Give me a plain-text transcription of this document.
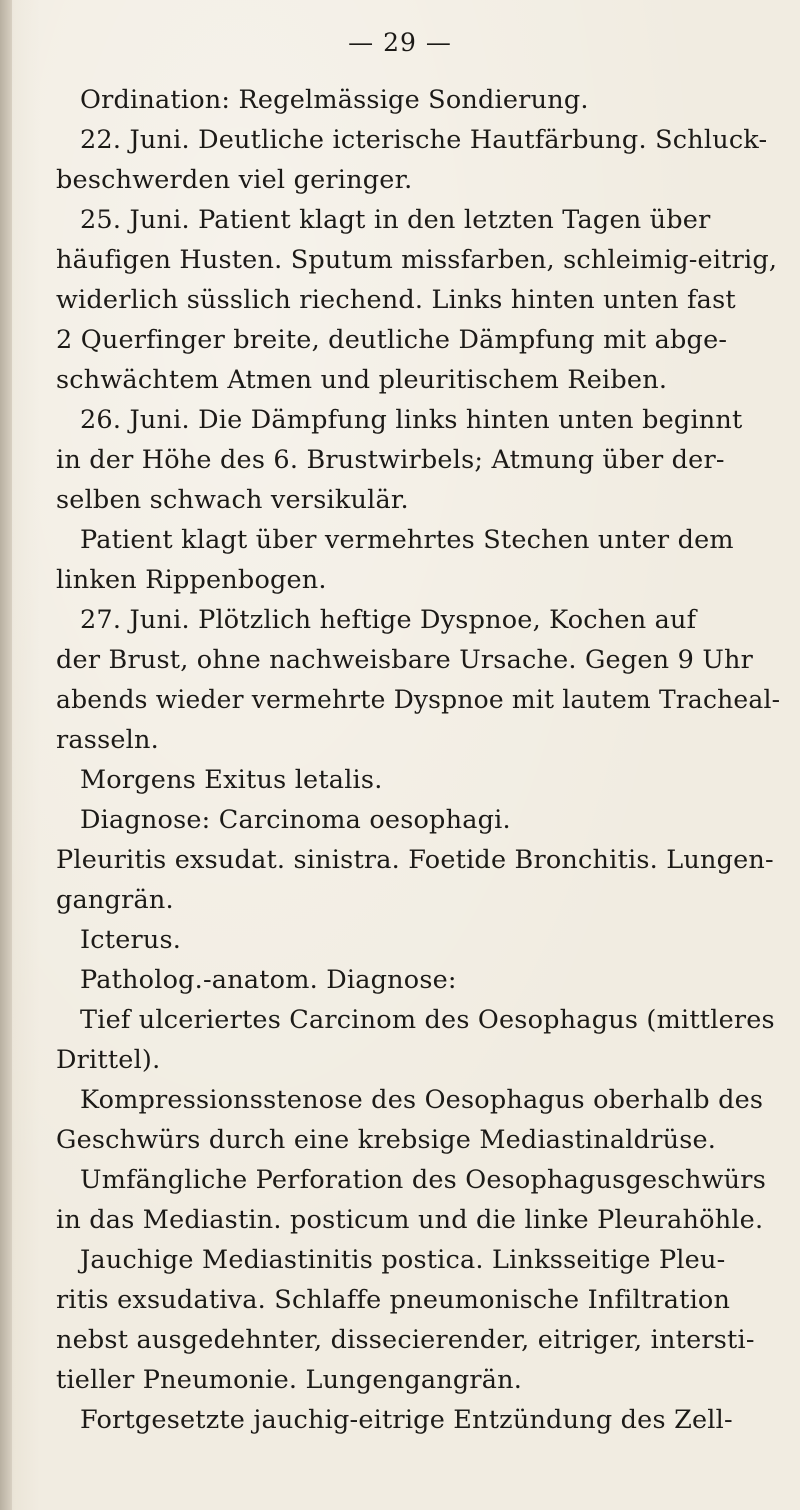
— 29 —
Ordination: Regelmässige Sondierung.
22. Juni. Deutliche icterische Hautfärbung. Schluck-
beschwerden viel geringer.
25. Juni. Patient klagt in den letzten Tagen über
häufigen Husten. Sputum missfarben, schleimig-eitrig,
widerlich süsslich riechend. Links hinten unten fast
2 Querfinger breite, deutliche Dämpfung mit abge-
schwächtem Atmen und pleuritischem Reiben.
26. Juni. Die Dämpfung links hinten unten beginnt
in der Höhe des 6. Brustwirbels; Atmung über der-
selben schwach versikulär.
Patient klagt über vermehrtes Stechen unter dem
linken Rippenbogen.
27. Juni. Plötzlich heftige Dyspnoe, Kochen auf
der Brust, ohne nachweisbare Ursache. Gegen 9 Uhr
abends wieder vermehrte Dyspnoe mit lautem Tracheal-
rasseln.
Morgens Exitus letalis.
Diagnose: Carcinoma oesophagi.
Pleuritis exsudat. sinistra. Foetide Bronchitis. Lungen-
gangrän.
Icterus.
Patholog.-anatom. Diagnose:
Tief ulceriertes Carcinom des Oesophagus (mittleres
Drittel).
Kompressionsstenose des Oesophagus oberhalb des
Geschwürs durch eine krebsige Mediastinaldrüse.
Umfängliche Perforation des Oesophagusgeschwürs
in das Mediastin. posticum und die linke Pleurahöhle.
Jauchige Mediastinitis postica. Linksseitige Pleu-
ritis exsudativa. Schlaffe pneumonische Infiltration
nebst ausgedehnter, dissecierender, eitriger, intersti-
tieller Pneumonie. Lungengangrän.
Fortgesetzte jauchig-eitrige Entzündung des Zell-
